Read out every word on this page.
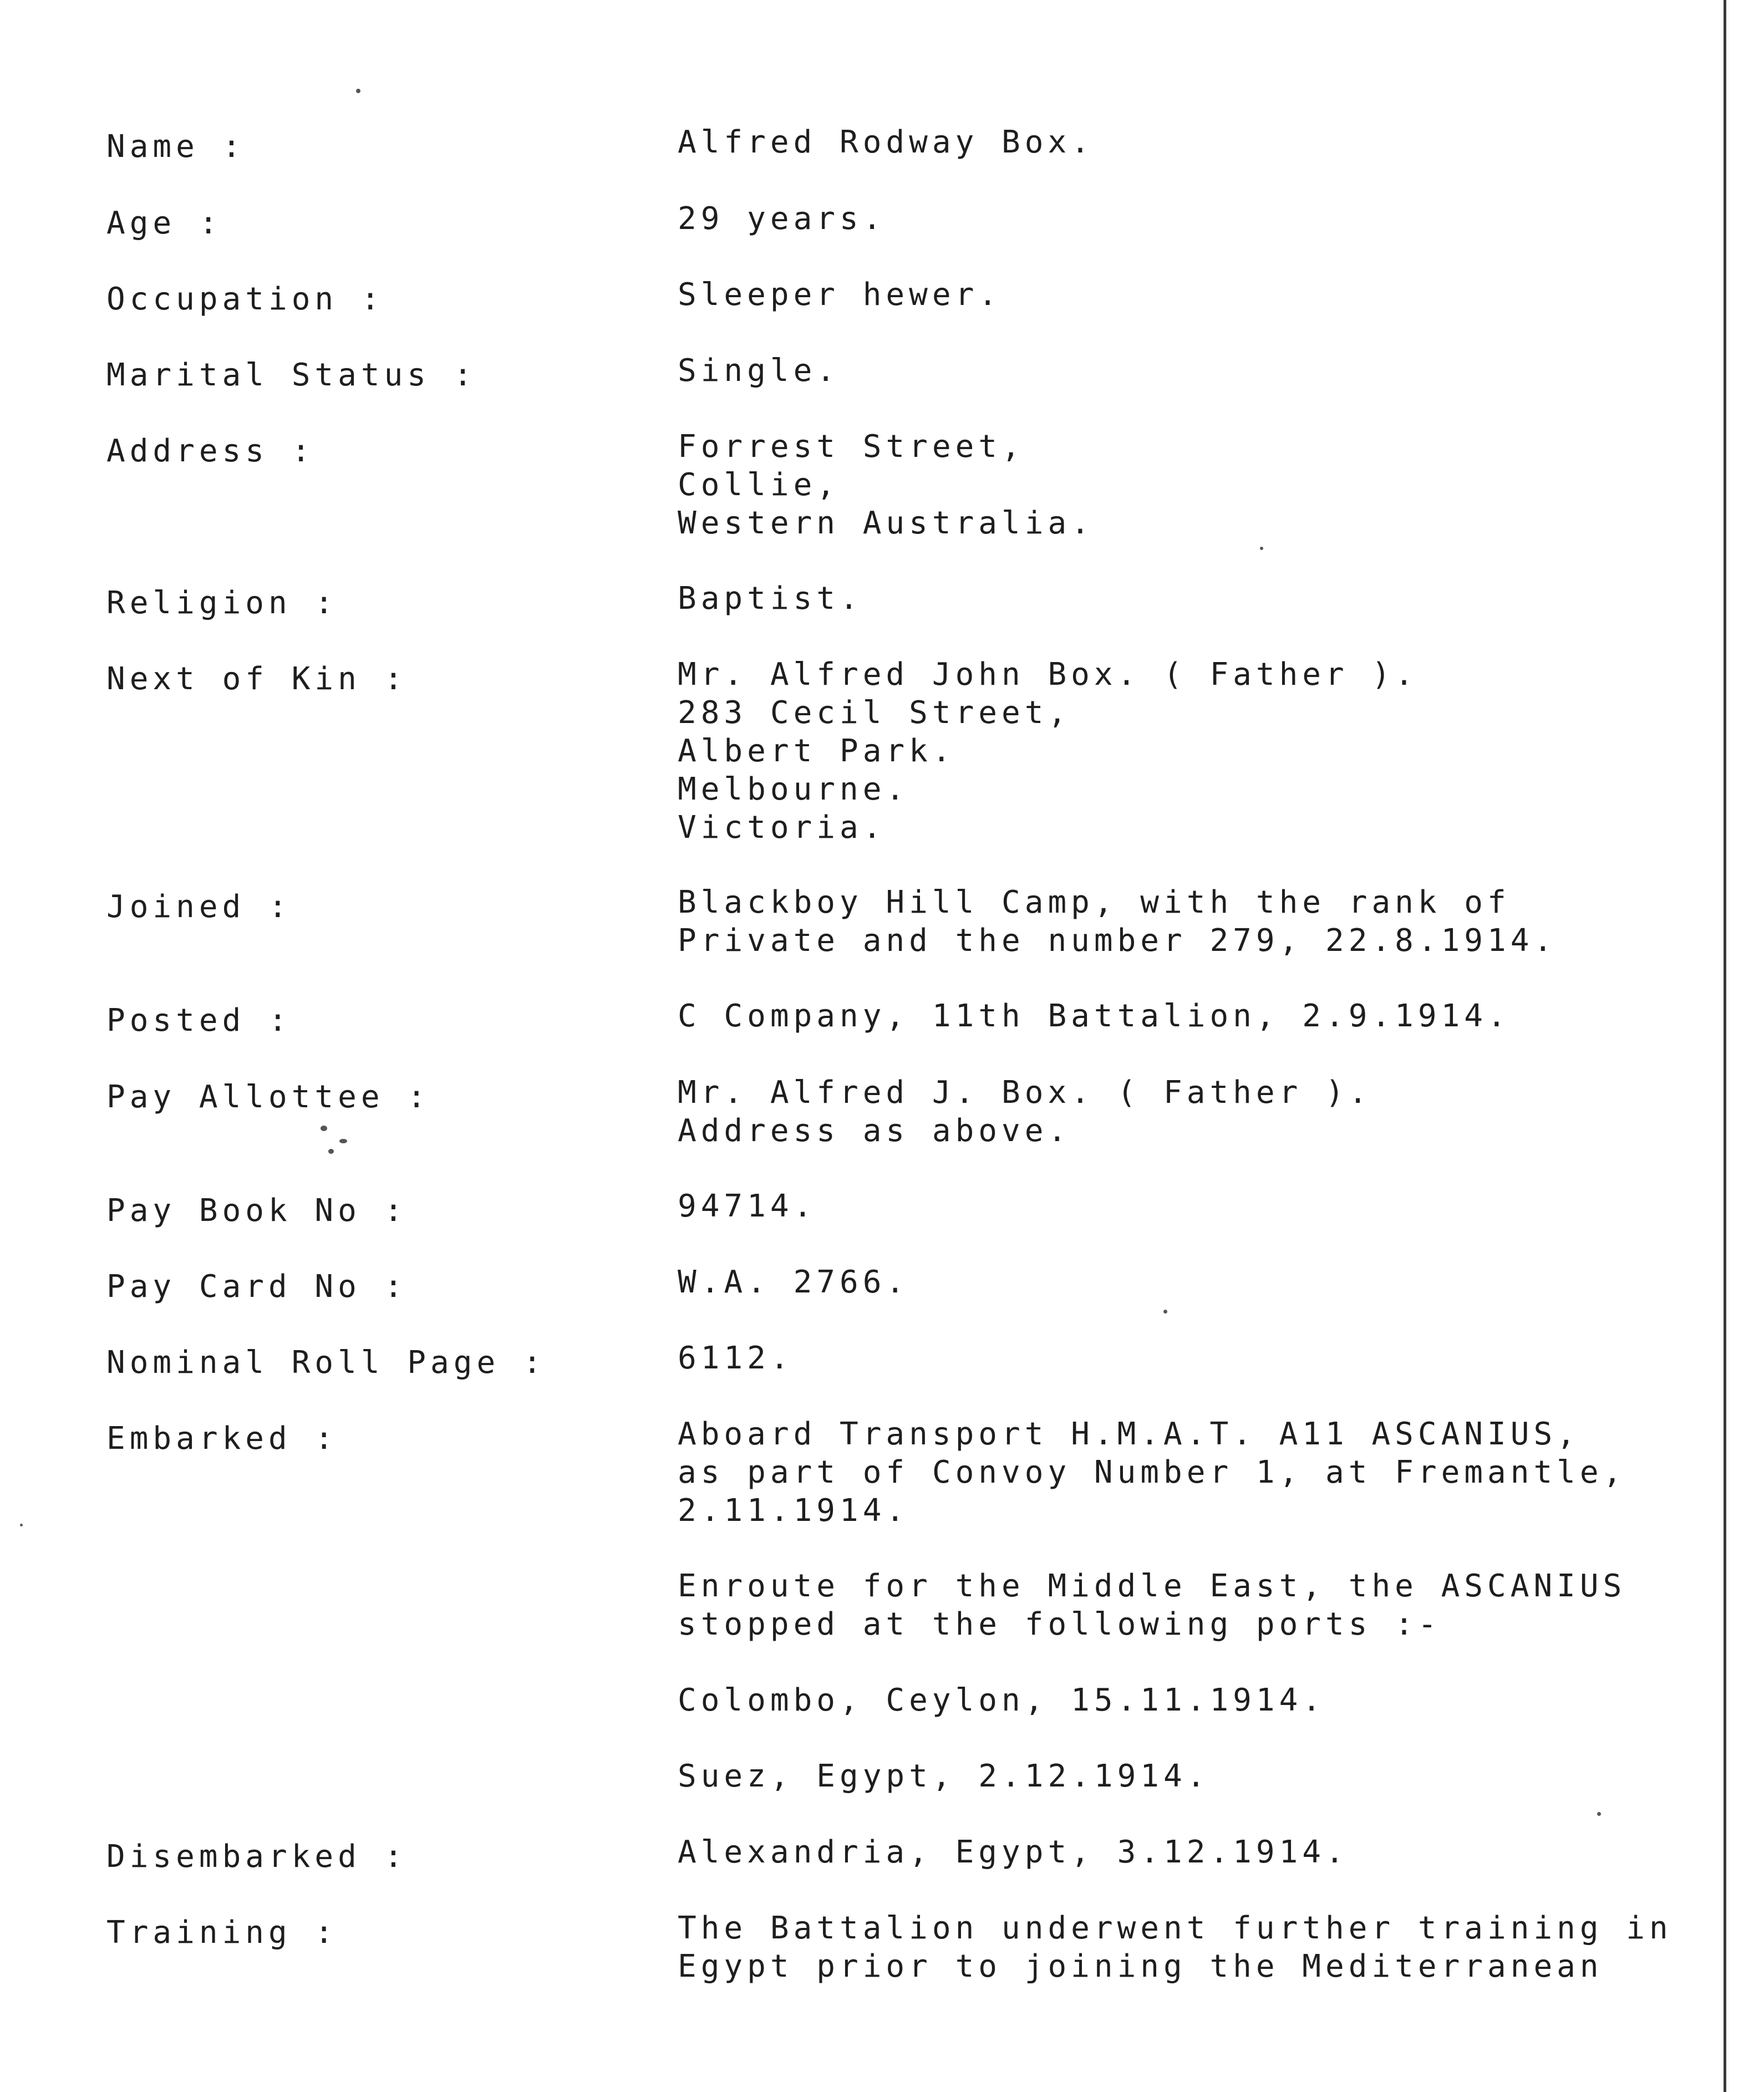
Name :	Alfred Rodway Box.
Age :	29 years.
Occupation :	Sleeper hewer.
Marital Status :	Single.
Address :	Forrest Street,
Collie,
Western Australia.
Religion :	Baptist.
Next of Kin :	Mr. Alfred John Box. ( Father ).
283 Cecil Street,
Albert Park.
Melbourne.
Victoria.
Joined :	Blackboy Hill Camp, with the rank of
Private and the number 279, 22.8.1914.
Posted :	C Company, 11th Battalion, 2.9.1914.
Pay Allottee :	Mr. Alfred J. Box. ( Father ).
Address as above.
Pay Book No :	94714.
Pay Card No :	W.A. 2766.
Nominal Roll Page :	6112.
Embarked :	Aboard Transport H.M.A.T. A11 ASCANIUS,
as part of Convoy Number 1, at Fremantle,
2.11.1914.
Enroute for the Middle East, the ASCANIUS
stopped at the following ports :-
Colombo, Ceylon, 15.11.1914.
Suez, Egypt, 2.12.1914.
Disembarked :	Alexandria, Egypt, 3.12.1914.
Training :	The Battalion underwent further training in
Egypt prior to joining the Mediterranean
